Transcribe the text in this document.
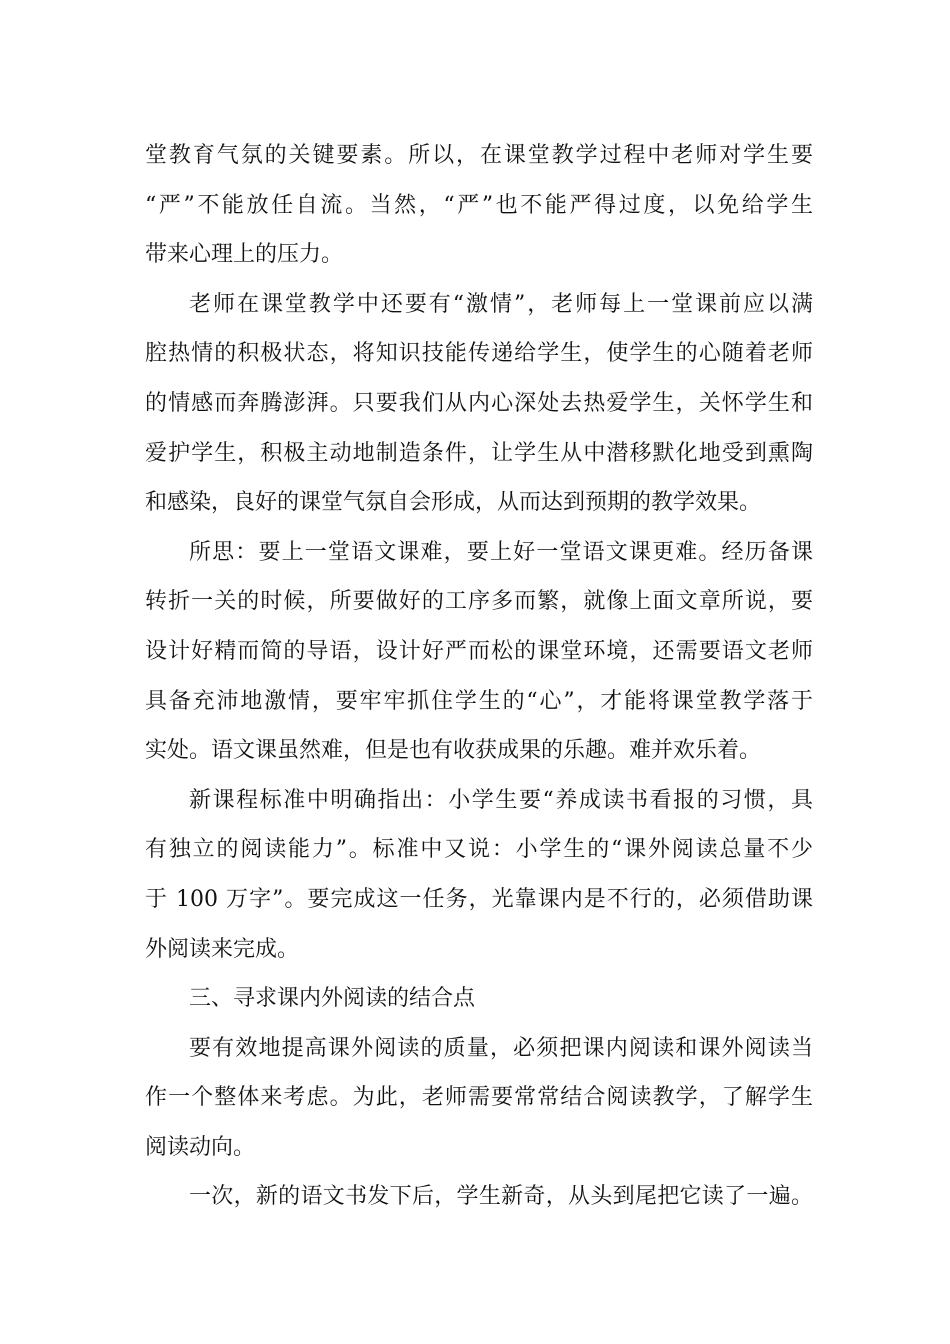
堂教育气氛的关键要素。所以，在课堂教学过程中老师对学生要
“严”不能放任自流。当然，“严”也不能严得过度，以免给学生
带来心理上的压力。
老师在课堂教学中还要有“激情”，老师每上一堂课前应以满
腔热情的积极状态，将知识技能传递给学生，使学生的心随着老师
的情感而奔腾澎湃。只要我们从内心深处去热爱学生，关怀学生和
爱护学生，积极主动地制造条件，让学生从中潜移默化地受到熏陶
和感染，良好的课堂气氛自会形成，从而达到预期的教学效果。
所思：要上一堂语文课难，要上好一堂语文课更难。经历备课
转折一关的时候，所要做好的工序多而繁，就像上面文章所说，要
设计好精而简的导语，设计好严而松的课堂环境，还需要语文老师
具备充沛地激情，要牢牢抓住学生的“心”，才能将课堂教学落于
实处。语文课虽然难，但是也有收获成果的乐趣。难并欢乐着。
新课程标准中明确指出：小学生要“养成读书看报的习惯，具
有独立的阅读能力”。标准中又说：小学生的“课外阅读总量不少
于 100 万字”。要完成这一任务，光靠课内是不行的，必须借助课
外阅读来完成。
三、寻求课内外阅读的结合点
要有效地提高课外阅读的质量，必须把课内阅读和课外阅读当
作一个整体来考虑。为此，老师需要常常结合阅读教学，了解学生
阅读动向。
一次，新的语文书发下后，学生新奇，从头到尾把它读了一遍。
